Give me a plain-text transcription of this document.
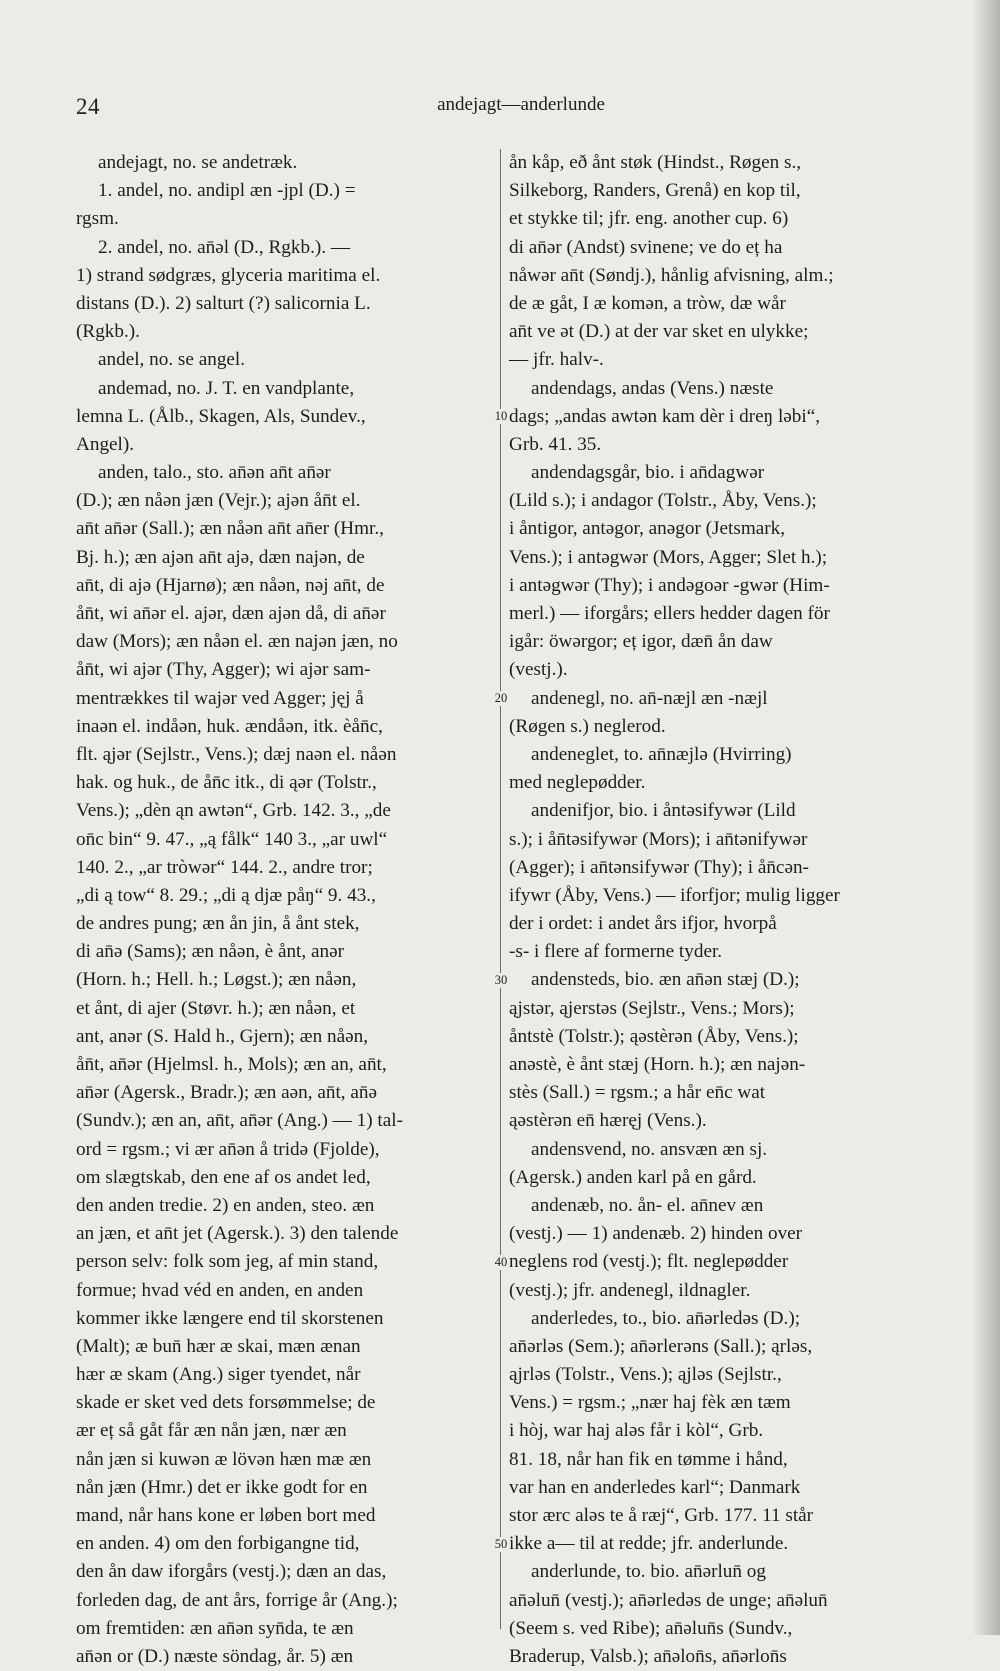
24	andejagt—anderlunde
andejagt, no. se andetræk.
1. andel, no. andipl æn -jpl (D.) =
rgsm.
2. andel, no. an̄əl (D., Rgkb.). —
1) strand sødgræs, glyceria maritima el.
distans (D.). 2) salturt (?) salicornia L.
(Rgkb.).
andel, no. se angel.
andemad, no. J. T. en vandplante,
lemna L. (Ålb., Skagen, Als, Sundev.,
Angel).
anden, talo., sto. an̄ən an̄t an̄ər
(D.); æn nåən jæn (Vejr.); ajən ån̄t el.
an̄t an̄ər (Sall.); æn nåən an̄t an̄er (Hmr.,
Bj. h.); æn ajən an̄t ajə, dæn najən, de
an̄t, di ajə (Hjarnø); æn nåən, nəj an̄t, de
ån̄t, wi an̄ər el. ajər, dæn ajən då, di an̄ər
daw (Mors); æn nåən el. æn najən jæn, no
ån̄t, wi ajər (Thy, Agger); wi ajər sam-
mentrækkes til wajər ved Agger; jęj å
inaən el. indåən, huk. ændåən, itk. èån̄c,
flt. ąjər (Sejlstr., Vens.); dæj naən el. nåən
hak. og huk., de ån̄c itk., di ąər (Tolstr.,
Vens.); „dèn ąn awtən“, Grb. 142. 3., „de
on̄c bin“ 9. 47., „ą fålk“ 140 3., „ar uwl“
140. 2., „ar tròwər“ 144. 2., andre tror;
„di ą tow“ 8. 29.; „di ą djæ påŋ“ 9. 43.,
de andres pung; æn ån jin, å ånt stek,
di an̄ə (Sams); æn nåən, è ånt, anər
(Horn. h.; Hell. h.; Løgst.); æn nåən,
et ånt, di ajer (Støvr. h.); æn nåən, et
ant, anər (S. Hald h., Gjern); æn nåən,
ån̄t, an̄ər (Hjelmsl. h., Mols); æn an, an̄t,
an̄ər (Agersk., Bradr.); æn aən, an̄t, an̄ə
(Sundv.); æn an, an̄t, an̄ər (Ang.) — 1) tal-
ord = rgsm.; vi ær an̄ən å tridə (Fjolde),
om slægtskab, den ene af os andet led,
den anden tredie. 2) en anden, steo. æn
an jæn, et an̄t jet (Agersk.). 3) den talende
person selv: folk som jeg, af min stand,
formue; hvad véd en anden, en anden
kommer ikke længere end til skorstenen
(Malt); æ bun̄ hær æ skai, mæn ænan
hær æ skam (Ang.) siger tyendet, når
skade er sket ved dets forsømmelse; de
ær eț så gåt får æn nån jæn, nær æn
nån jæn si kuwən æ lövən hæn mæ æn
nån jæn (Hmr.) det er ikke godt for en
mand, når hans kone er løben bort med
en anden. 4) om den forbigangne tid,
den ån daw iforgårs (vestj.); dæn an das,
forleden dag, de ant års, forrige år (Ang.);
om fremtiden: æn an̄ən syn̄da, te æn
an̄ən or (D.) næste söndag, år. 5) æn
10
20
30
40
50
ån kåp, eð ånt støk (Hindst., Røgen s.,
Silkeborg, Randers, Grenå) en kop til,
et stykke til; jfr. eng. another cup. 6)
di an̄ər (Andst) svinene; ve do eț ha
nåwər an̄t (Søndj.), hånlig afvisning, alm.;
de æ gåt, I æ komən, a tròw, dæ wår
an̄t ve ət (D.) at der var sket en ulykke;
— jfr. halv-.
andendags, andas (Vens.) næste
dags; „andas awtən kam dèr i dreŋ ləbi“,
Grb. 41. 35.
andendagsgår, bio. i an̄dagwər
(Lild s.); i andagor (Tolstr., Åby, Vens.);
i åntigor, antəgor, anəgor (Jetsmark,
Vens.); i antəgwər (Mors, Agger; Slet h.);
i antəgwər (Thy); i andəgoər -gwər (Him-
merl.) — iforgårs; ellers hedder dagen för
igår: öwərgor; eț igor, dæn̄ ån daw
(vestj.).
andenegl, no. an̄-næjl æn -næjl
(Røgen s.) neglerod.
andeneglet, to. an̄næjlə (Hvirring)
med negleрødder.
andenifjor, bio. i åntəsifywər (Lild
s.); i ån̄təsifywər (Mors); i an̄tənifywər
(Agger); i an̄tənsifywər (Thy); i ån̄cən-
ifywr (Åby, Vens.) — iforfjor; mulig ligger
der i ordet: i andet års ifjor, hvorpå
-s- i flere af formerne tyder.
andensteds, bio. æn an̄ən stæj (D.);
ąjstər, ąjerstəs (Sejlstr., Vens.; Mors);
åntstè (Tolstr.); ąəstèrən (Åby, Vens.);
anəstè, è ånt stæj (Horn. h.); æn najən-
stès (Sall.) = rgsm.; a hår en̄c wat
ąəstèrən en̄ hæręj (Vens.).
andensvend, no. ansvæn æn sj.
(Agersk.) anden karl på en gård.
andenæb, no. ån- el. an̄nev æn
(vestj.) — 1) andenæb. 2) hinden over
neglens rod (vestj.); flt. negleрødder
(vestj.); jfr. andenegl, ildnagler.
anderledes, to., bio. an̄ərledəs (D.);
an̄ərləs (Sem.); an̄ərlerəns (Sall.); ąrləs,
ąjrləs (Tolstr., Vens.); ąjləs (Sejlstr.,
Vens.) = rgsm.; „nær haj fèk æn tæm
i hòj, war haj aləs får i kòl“, Grb.
81. 18, når han fik en tømme i hånd,
var han en anderledes karl“; Danmark
stor ærc aləs te å ræj“, Grb. 177. 11 står
ikke a— til at redde; jfr. anderlunde.
anderlunde, to. bio. an̄ərlun̄ og
an̄əlun̄ (vestj.); an̄ərledəs de unge; an̄əlun̄
(Seem s. ved Ribe); an̄əlun̄s (Sundv.,
Braderup, Valsb.); an̄əlon̄s, an̄ərlon̄s
